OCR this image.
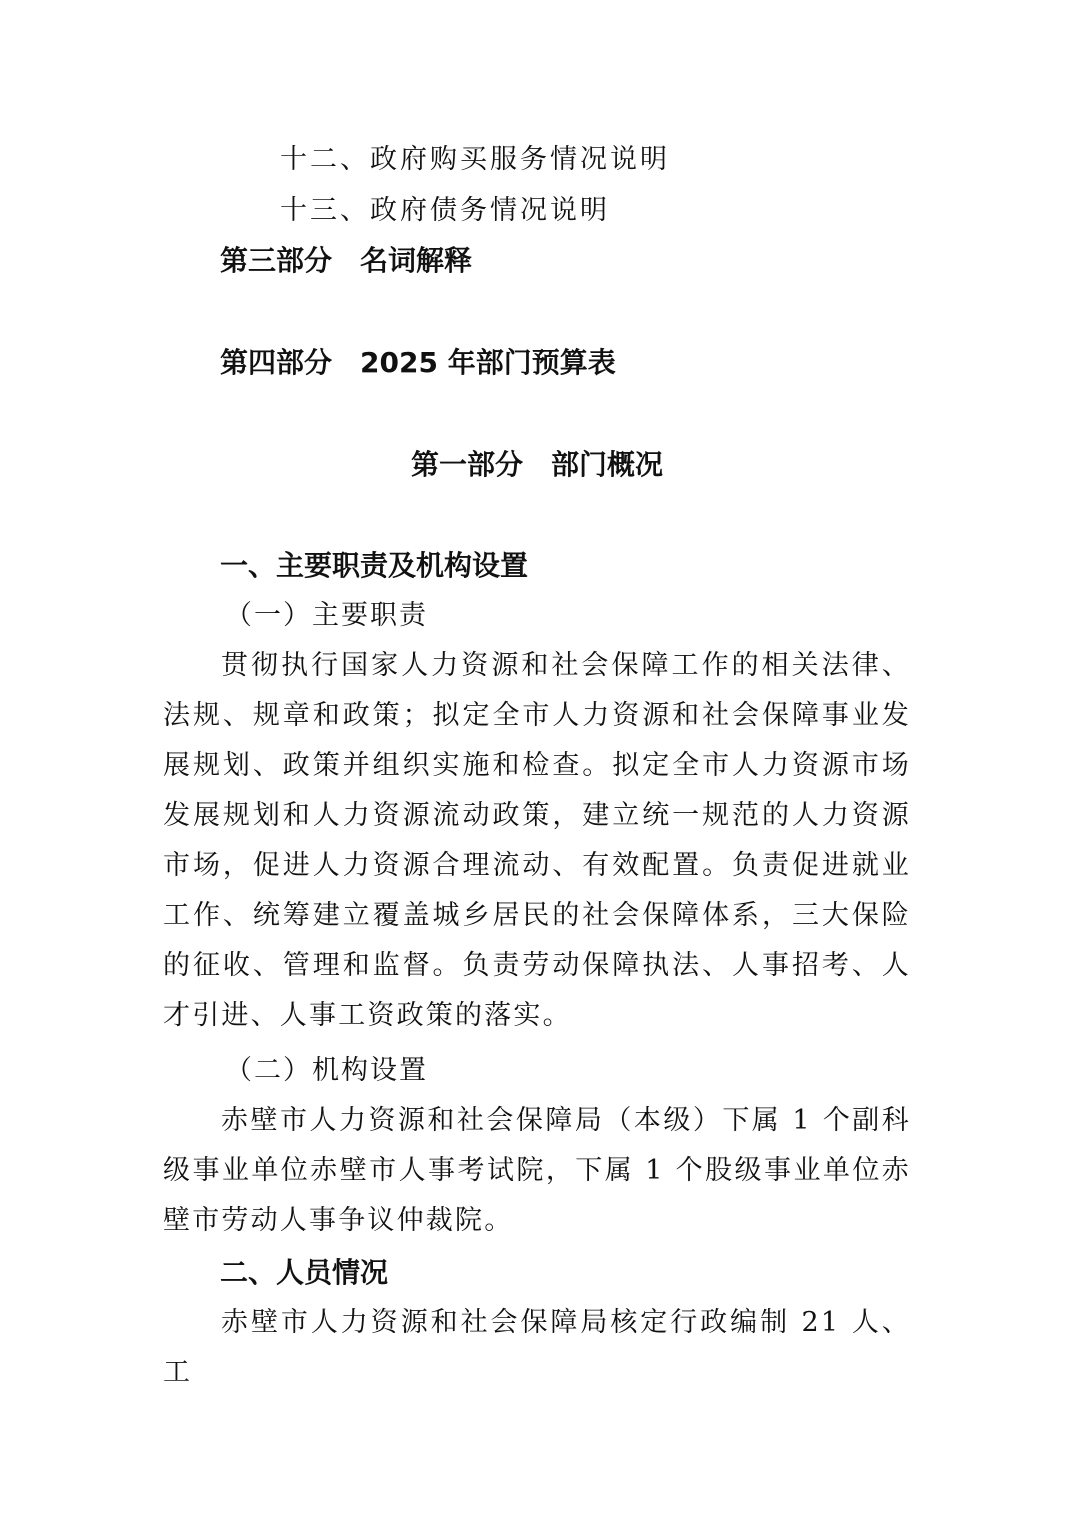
十二、政府购买服务情况说明
十三、政府债务情况说明
第三部分 名词解释
第四部分 2025 年部门预算表
第一部分 部门概况
一、主要职责及机构设置
（一）主要职责
贯彻执行国家人力资源和社会保障工作的相关法律、法规、规章和政策；拟定全市人力资源和社会保障事业发展规划、政策并组织实施和检查。拟定全市人力资源市场发展规划和人力资源流动政策，建立统一规范的人力资源市场，促进人力资源合理流动、有效配置。负责促进就业工作、统筹建立覆盖城乡居民的社会保障体系，三大保险的征收、管理和监督。负责劳动保障执法、人事招考、人才引进、人事工资政策的落实。
（二）机构设置
赤壁市人力资源和社会保障局（本级）下属 1 个副科级事业单位赤壁市人事考试院，下属 1 个股级事业单位赤壁市劳动人事争议仲裁院。
二、人员情况
赤壁市人力资源和社会保障局核定行政编制 21 人、工
